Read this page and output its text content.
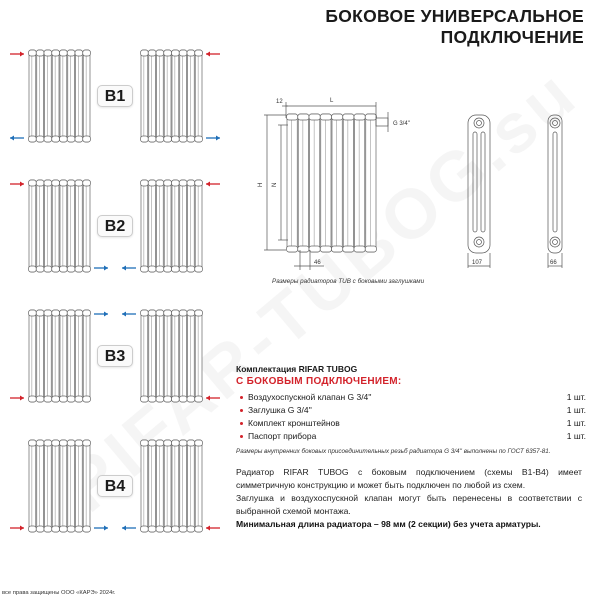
БОКОВОЕ УНИВЕРСАЛЬНОЕ
ПОДКЛЮЧЕНИЕ
B1
B2
B3
B4
L
12
H N
G 3/4''
46	107	66
Размеры радиаторов TUB с боковыми заглушками
Комплектация RIFAR TUBOG
С БОКОВЫМ ПОДКЛЮЧЕНИЕМ:
Воздухоспускной клапан G 3/4''	1 шт.
Заглушка G 3/4''	1 шт.
Комплект кронштейнов	1 шт.
Паспорт прибора	1 шт.
Размеры внутренних боковых присоединительных резьб радиатора G 3/4'' выполнены по ГОСТ 6357-81.

Радиатор RIFAR TUBOG с боковым подключением (схемы B1-B4) имеет симметричную конструкцию и может быть подключен по любой из схем.

Заглушка и воздухоспускной клапан могут быть перенесены в соответствии с выбранной схемой монтажа.

Минимальная длина радиатора – 98 мм (2 секции) без учета арматуры.

все права защищены ООО «КАРЭ» 2024г.
